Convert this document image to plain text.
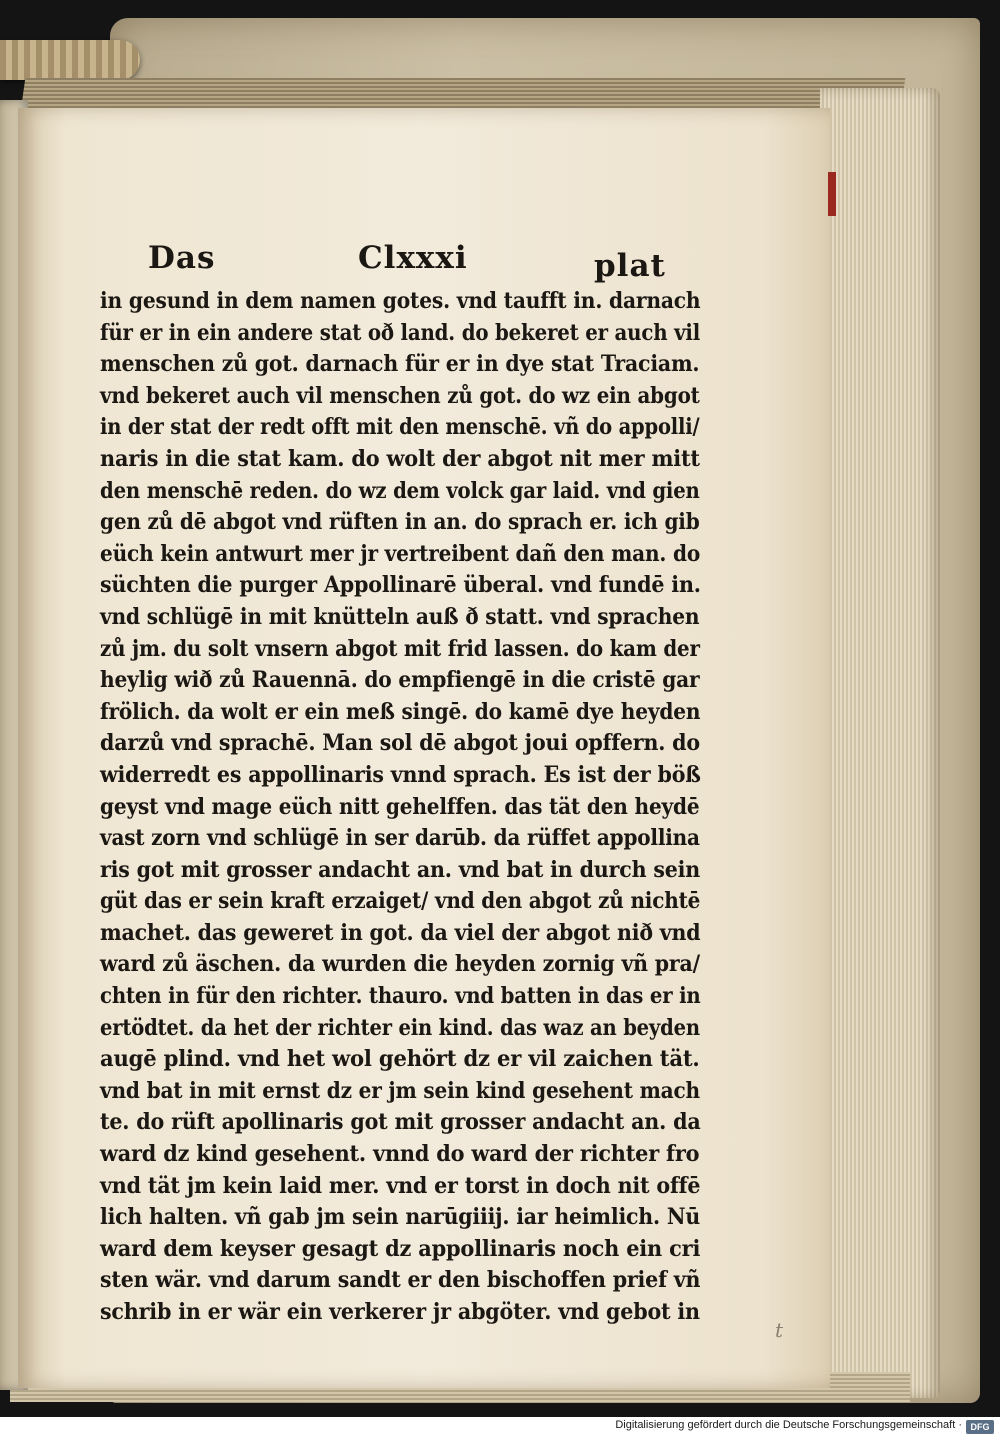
Das	Clxxxi	plat
in gesund in dem namen gotes. vnd taufft in. darnach
für er in ein andere stat oð land. do bekeret er auch vil
menschen zů got. darnach für er in dye stat Traciam.
vnd bekeret auch vil menschen zů got. do wz ein abgot
in der stat der redt offt mit den menschē. vñ do appolli/
naris in die stat kam. do wolt der abgot nit mer mitt
den menschē reden. do wz dem volck gar laid. vnd gien
gen zů dē abgot vnd rüften in an. do sprach er. ich gib
eüch kein antwurt mer jr vertreibent dañ den man. do
süchten die purger Appollinarē überal. vnd fundē in.
vnd schlügē in mit knütteln auß ð statt. vnd sprachen
zů jm. du solt vnsern abgot mit frid lassen. do kam der
heylig wið zů Rauennā. do empfiengē in die cristē gar
frölich. da wolt er ein meß singē. do kamē dye heyden
darzů vnd sprachē. Man sol dē abgot joui opffern. do
widerredt es appollinaris vnnd sprach. Es ist der böß
geyst vnd mage eüch nitt gehelffen. das tät den heydē
vast zorn vnd schlügē in ser darūb. da rüffet appollina
ris got mit grosser andacht an. vnd bat in durch sein
güt das er sein kraft erzaiget/ vnd den abgot zů nichtē
machet. das geweret in got. da viel der abgot nið vnd
ward zů äschen. da wurden die heyden zornig vñ pra/
chten in für den richter. thauro. vnd batten in das er in
ertödtet. da het der richter ein kind. das waz an beyden
augē plind. vnd het wol gehört dz er vil zaichen tät.
vnd bat in mit ernst dz er jm sein kind gesehent mach
te. do rüft apollinaris got mit grosser andacht an. da
ward dz kind gesehent. vnnd do ward der richter fro
vnd tät jm kein laid mer. vnd er torst in doch nit offē
lich halten. vñ gab jm sein narūgiiij. iar heimlich. Nū
ward dem keyser gesagt dz appollinaris noch ein cri
sten wär. vnd darum sandt er den bischoffen prief vñ
schrib in er wär ein verkerer jr abgöter. vnd gebot in
t
Digitalisierung gefördert durch die Deutsche Forschungsgemeinschaft · DFG
